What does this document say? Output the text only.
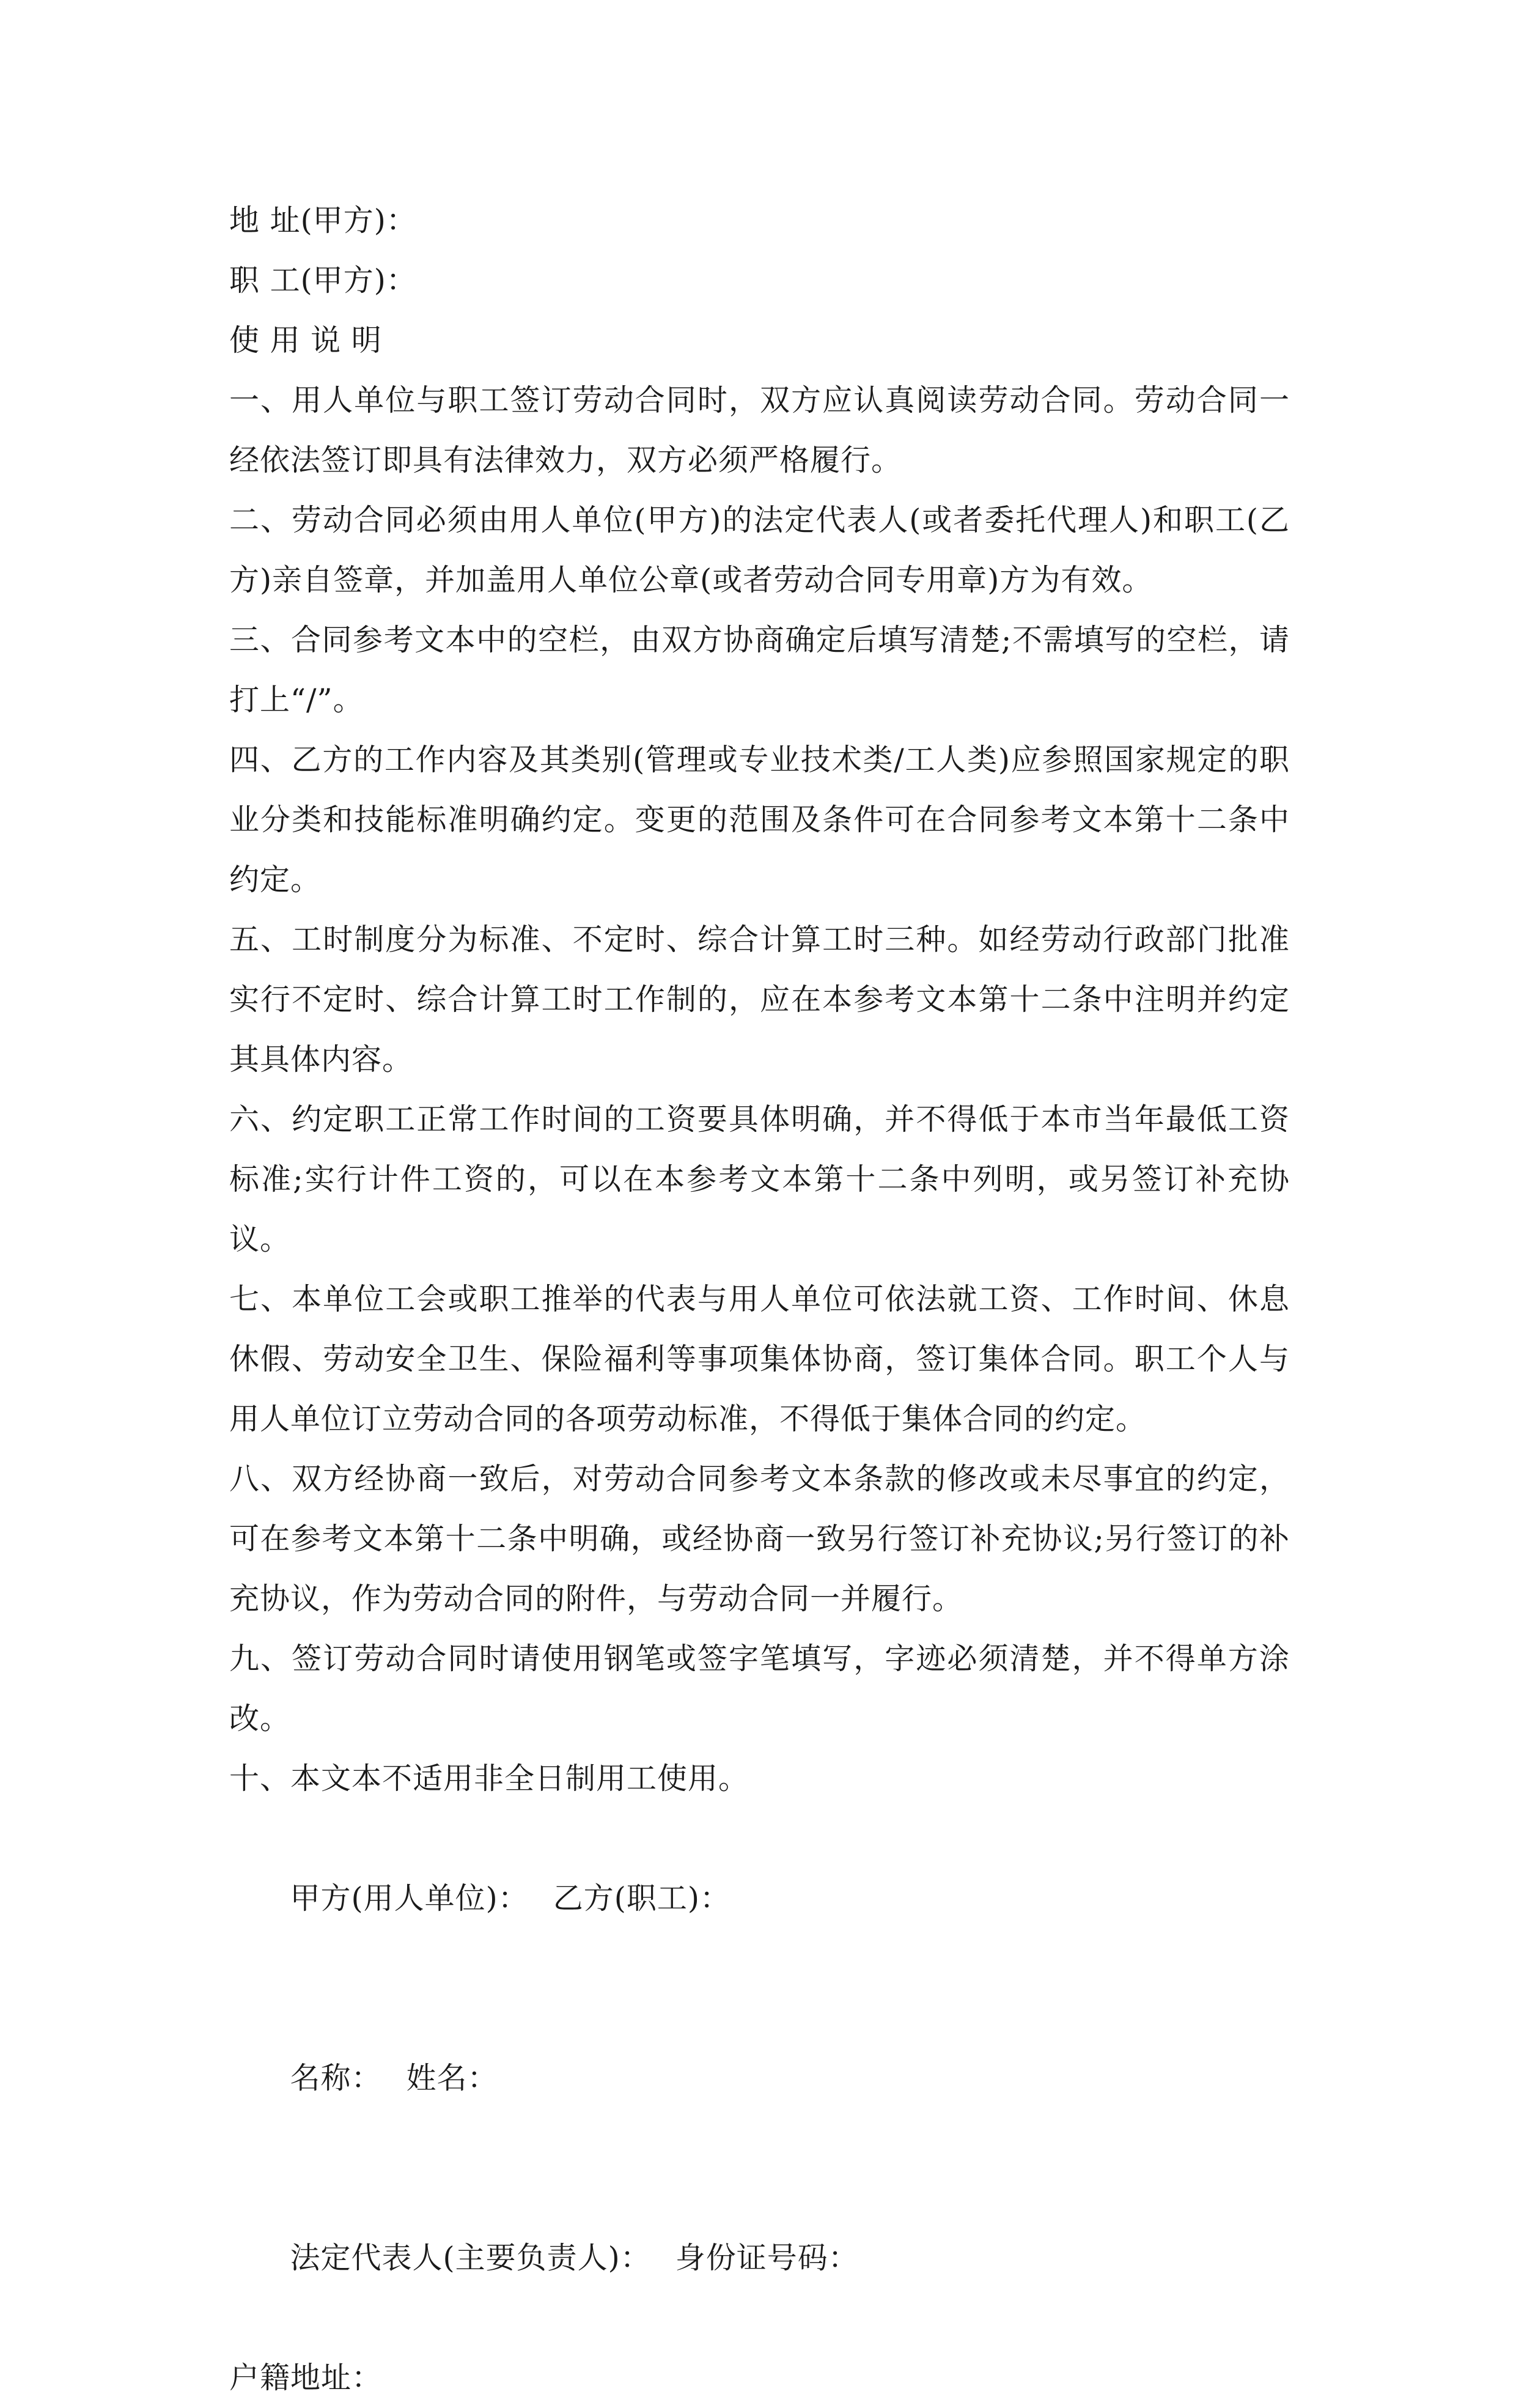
地 址(甲方)：
职 工(甲方)：
使 用 说 明
一、用人单位与职工签订劳动合同时，双方应认真阅读劳动合同。劳动合同一经依法签订即具有法律效力，双方必须严格履行。
二、劳动合同必须由用人单位(甲方)的法定代表人(或者委托代理人)和职工(乙方)亲自签章，并加盖用人单位公章(或者劳动合同专用章)方为有效。
三、合同参考文本中的空栏，由双方协商确定后填写清楚;不需填写的空栏，请打上“/”。
四、乙方的工作内容及其类别(管理或专业技术类/工人类)应参照国家规定的职业分类和技能标准明确约定。变更的范围及条件可在合同参考文本第十二条中约定。
五、工时制度分为标准、不定时、综合计算工时三种。如经劳动行政部门批准实行不定时、综合计算工时工作制的，应在本参考文本第十二条中注明并约定其具体内容。
六、约定职工正常工作时间的工资要具体明确，并不得低于本市当年最低工资标准;实行计件工资的，可以在本参考文本第十二条中列明，或另签订补充协议。
七、本单位工会或职工推举的代表与用人单位可依法就工资、工作时间、休息休假、劳动安全卫生、保险福利等事项集体协商，签订集体合同。职工个人与用人单位订立劳动合同的各项劳动标准，不得低于集体合同的约定。
八、双方经协商一致后，对劳动合同参考文本条款的修改或未尽事宜的约定，可在参考文本第十二条中明确，或经协商一致另行签订补充协议;另行签订的补充协议，作为劳动合同的附件，与劳动合同一并履行。
九、签订劳动合同时请使用钢笔或签字笔填写，字迹必须清楚，并不得单方涂改。
十、本文本不适用非全日制用工使用。

甲方(用人单位)： 乙方(职工)：

名称： 姓名：

法定代表人(主要负责人)： 身份证号码：

户籍地址：
